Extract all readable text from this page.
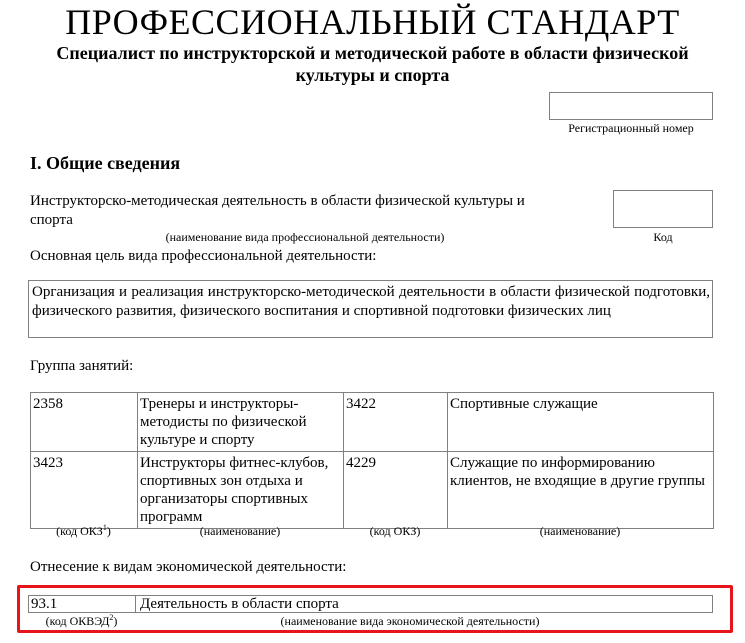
ПРОФЕССИОНАЛЬНЫЙ СТАНДАРТ
Специалист по инструкторской и методической работе в области физической
культуры и спорта
Регистрационный номер
I. Общие сведения
Инструкторско-методическая деятельность в области физической культуры и
спорта
(наименование вида профессиональной деятельности)	Код
Основная цель вида профессиональной деятельности:
Организация и реализация инструкторско-методической деятельности в области физической подготовки, физического развития, физического воспитания и спортивной подготовки физических лиц
Группа занятий:
2358	Тренеры и инструкторы-методисты по физической культуре и спорту	3422	Спортивные служащие
3423	Инструкторы фитнес-клубов, спортивных зон отдыха и организаторы спортивных программ	4229	Служащие по информированию клиентов, не входящие в другие группы
(код ОКЗ$^1$)	(наименование)	(код ОКЗ)	(наименование)
Отнесение к видам экономической деятельности:
93.1	Деятельность в области спорта
(код ОКВЭД$^2$)	(наименование вида экономической деятельности)
